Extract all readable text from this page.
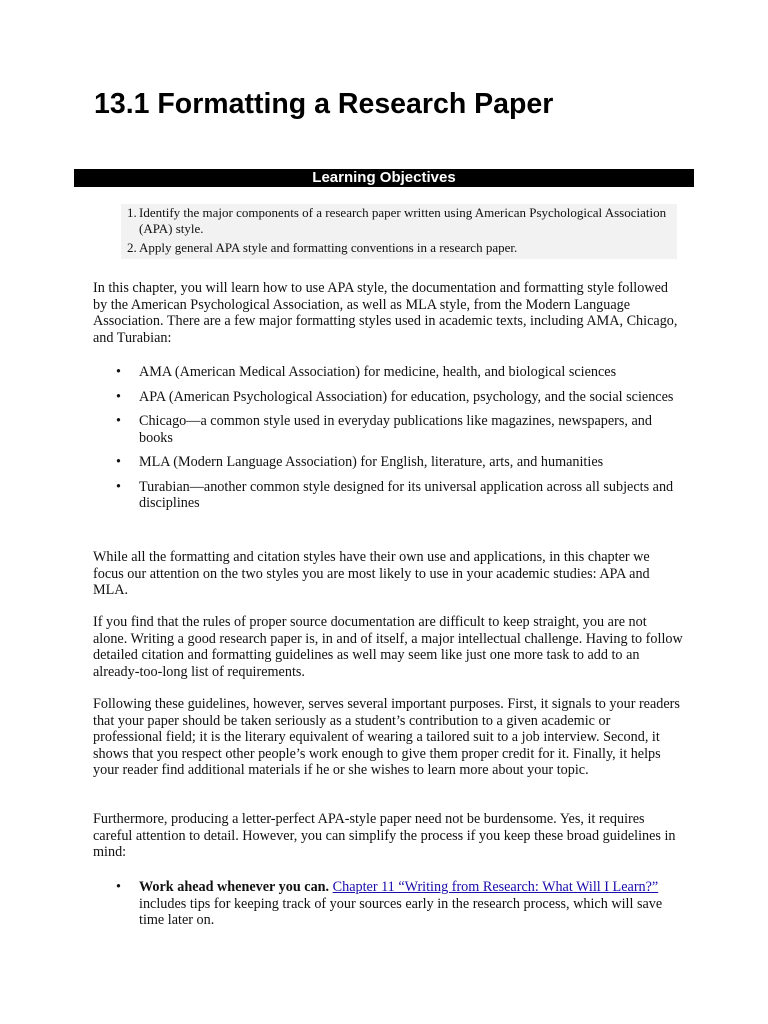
13.1 Formatting a Research Paper
Learning Objectives
1. Identify the major components of a research paper written using American Psychological Association (APA) style.
2. Apply general APA style and formatting conventions in a research paper.

In this chapter, you will learn how to use APA style, the documentation and formatting style followed by the American Psychological Association, as well as MLA style, from the Modern Language Association. There are a few major formatting styles used in academic texts, including AMA, Chicago, and Turabian:

• AMA (American Medical Association) for medicine, health, and biological sciences
• APA (American Psychological Association) for education, psychology, and the social sciences
• Chicago—a common style used in everyday publications like magazines, newspapers, and books
• MLA (Modern Language Association) for English, literature, arts, and humanities
• Turabian—another common style designed for its universal application across all subjects and disciplines

While all the formatting and citation styles have their own use and applications, in this chapter we focus our attention on the two styles you are most likely to use in your academic studies: APA and MLA.

If you find that the rules of proper source documentation are difficult to keep straight, you are not alone. Writing a good research paper is, in and of itself, a major intellectual challenge. Having to follow detailed citation and formatting guidelines as well may seem like just one more task to add to an already-too-long list of requirements.

Following these guidelines, however, serves several important purposes. First, it signals to your readers that your paper should be taken seriously as a student’s contribution to a given academic or professional field; it is the literary equivalent of wearing a tailored suit to a job interview. Second, it shows that you respect other people’s work enough to give them proper credit for it. Finally, it helps your reader find additional materials if he or she wishes to learn more about your topic.

Furthermore, producing a letter-perfect APA-style paper need not be burdensome. Yes, it requires careful attention to detail. However, you can simplify the process if you keep these broad guidelines in mind:

• Work ahead whenever you can. Chapter 11 “Writing from Research: What Will I Learn?” includes tips for keeping track of your sources early in the research process, which will save time later on.
